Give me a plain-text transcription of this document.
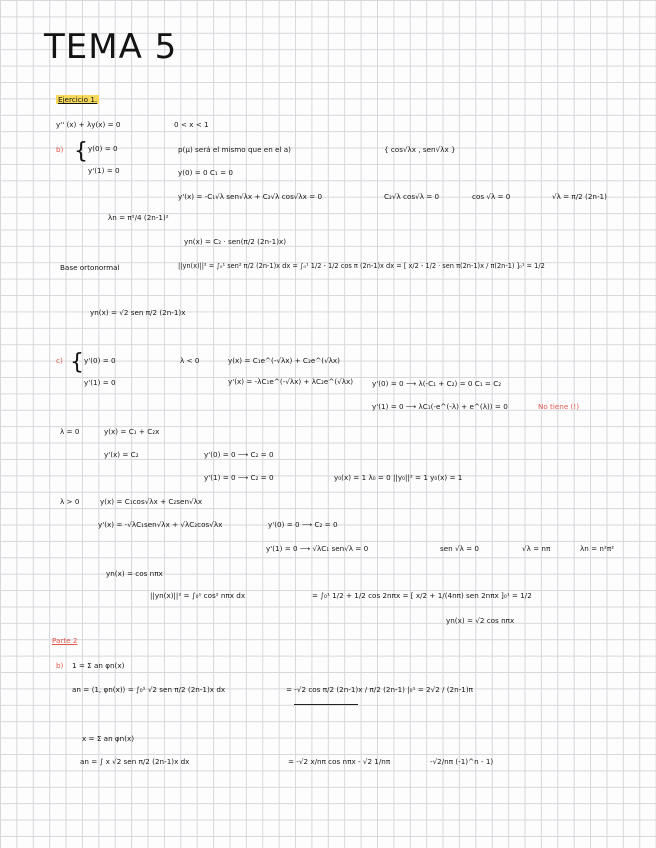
TEMA 5
Ejercicio 1.
y'' (x) + λy(x) = 0	0 < x < 1
b) { y(0) = 0
y'(1) = 0
p(μ) será el mismo que en el a)	{ cos√λx , sen√λx }
y(0) = 0 C₁ = 0
y'(x) = -C₁√λ sen√λx + C₂√λ cos√λx = 0	C₂√λ cos√λ = 0	cos √λ = 0	√λ = π/2 (2n-1)
λn = π²/4 (2n-1)²
yn(x) = C₂ · sen(π/2 (2n-1)x)
Base ortonormal	||yn(x)||² = ∫₀¹ sen² π/2 (2n-1)x dx = ∫₀¹ 1/2 - 1/2 cos π (2n-1)x dx = [ x/2 - 1/2 · sen π(2n-1)x / π(2n-1) ]₀¹ = 1/2
yn(x) = √2 sen π/2 (2n-1)x
c) { y'(0) = 0
y'(1) = 0
λ < 0	y(x) = C₁e^(-√λx) + C₂e^(√λx)
y'(x) = -λC₁e^(-√λx) + λC₂e^(√λx)	y'(0) = 0 ⟶ λ(-C₁ + C₂) = 0 C₁ = C₂
y'(1) = 0 ⟶ λC₁(-e^(-λ) + e^(λ)) = 0	No tiene (!)
λ = 0	y(x) = C₁ + C₂x
y'(x) = C₂	y'(0) = 0 ⟶ C₂ = 0
y'(1) = 0 ⟶ C₂ = 0	y₀(x) = 1 λ₀ = 0 ||y₀||² = 1 y₀(x) = 1
λ > 0	y(x) = C₁cos√λx + C₂sen√λx
y'(x) = -√λC₁sen√λx + √λC₂cos√λx	y'(0) = 0 ⟶ C₂ = 0
y'(1) = 0 ⟶ √λC₁ sen√λ = 0	sen √λ = 0	√λ = nπ	λn = n²π²
yn(x) = cos nπx
||yn(x)||² = ∫₀¹ cos² nπx dx	= ∫₀¹ 1/2 + 1/2 cos 2nπx = [ x/2 + 1/(4nπ) sen 2nπx ]₀¹ = 1/2
yn(x) = √2 cos nπx
Parte 2
b) 1 = Σ an φn(x)
an = ⟨1, φn(x)⟩ = ∫₀¹ √2 sen π/2 (2n-1)x dx	= -√2 cos π/2 (2n-1)x / π/2 (2n-1) |₀¹ = 2√2 / (2n-1)π
x = Σ an φn(x)
an = ∫ x √2 sen π/2 (2n-1)x dx	= -√2 x/nπ cos nπx - √2 1/nπ	-√2/nπ (-1)^n - 1)
